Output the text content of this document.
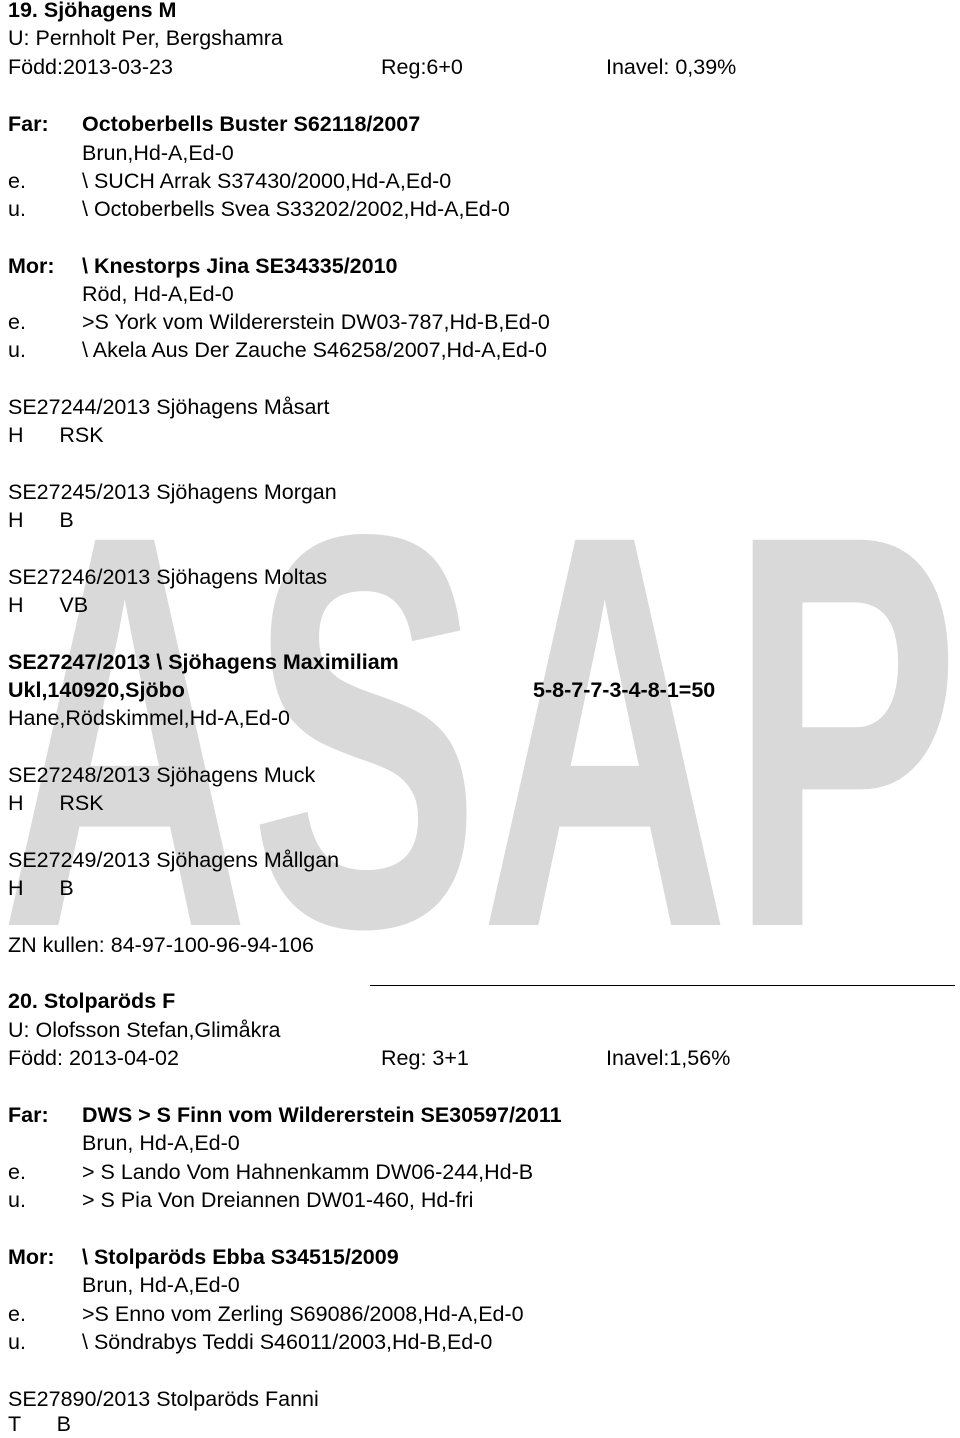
ASAP
19. Sjöhagens M
U: Pernholt Per, Bergshamra
Född:2013-03-23	Reg:6+0	Inavel: 0,39%
Far: Octoberbells Buster S62118/2007
Brun,Hd-A,Ed-0
e.	\ SUCH Arrak S37430/2000,Hd-A,Ed-0
u.	\ Octoberbells Svea S33202/2002,Hd-A,Ed-0
Mor: \ Knestorps Jina SE34335/2010
Röd, Hd-A,Ed-0
e.	>S York vom Wildererstein DW03-787,Hd-B,Ed-0
u.	\ Akela Aus Der Zauche S46258/2007,Hd-A,Ed-0
SE27244/2013 Sjöhagens Måsart
H      RSK
SE27245/2013 Sjöhagens Morgan
H      B
SE27246/2013 Sjöhagens Moltas
H      VB
SE27247/2013 \ Sjöhagens Maximiliam
Ukl,140920,Sjöbo	5-8-7-7-3-4-8-1=50
Hane,Rödskimmel,Hd-A,Ed-0
SE27248/2013 Sjöhagens Muck
H      RSK
SE27249/2013 Sjöhagens Mållgan
H      B
ZN kullen: 84-97-100-96-94-106
20. Stolparöds F
U: Olofsson Stefan,Glimåkra
Född: 2013-04-02	Reg: 3+1	Inavel:1,56%
Far: DWS > S Finn vom Wildererstein SE30597/2011
Brun, Hd-A,Ed-0
e.	> S Lando Vom Hahnenkamm DW06-244,Hd-B
u.	> S Pia Von Dreiannen DW01-460, Hd-fri
Mor: \ Stolparöds Ebba S34515/2009
Brun, Hd-A,Ed-0
e.	>S Enno vom Zerling S69086/2008,Hd-A,Ed-0
u.	\ Söndrabys Teddi S46011/2003,Hd-B,Ed-0
SE27890/2013 Stolparöds Fanni
T      B
